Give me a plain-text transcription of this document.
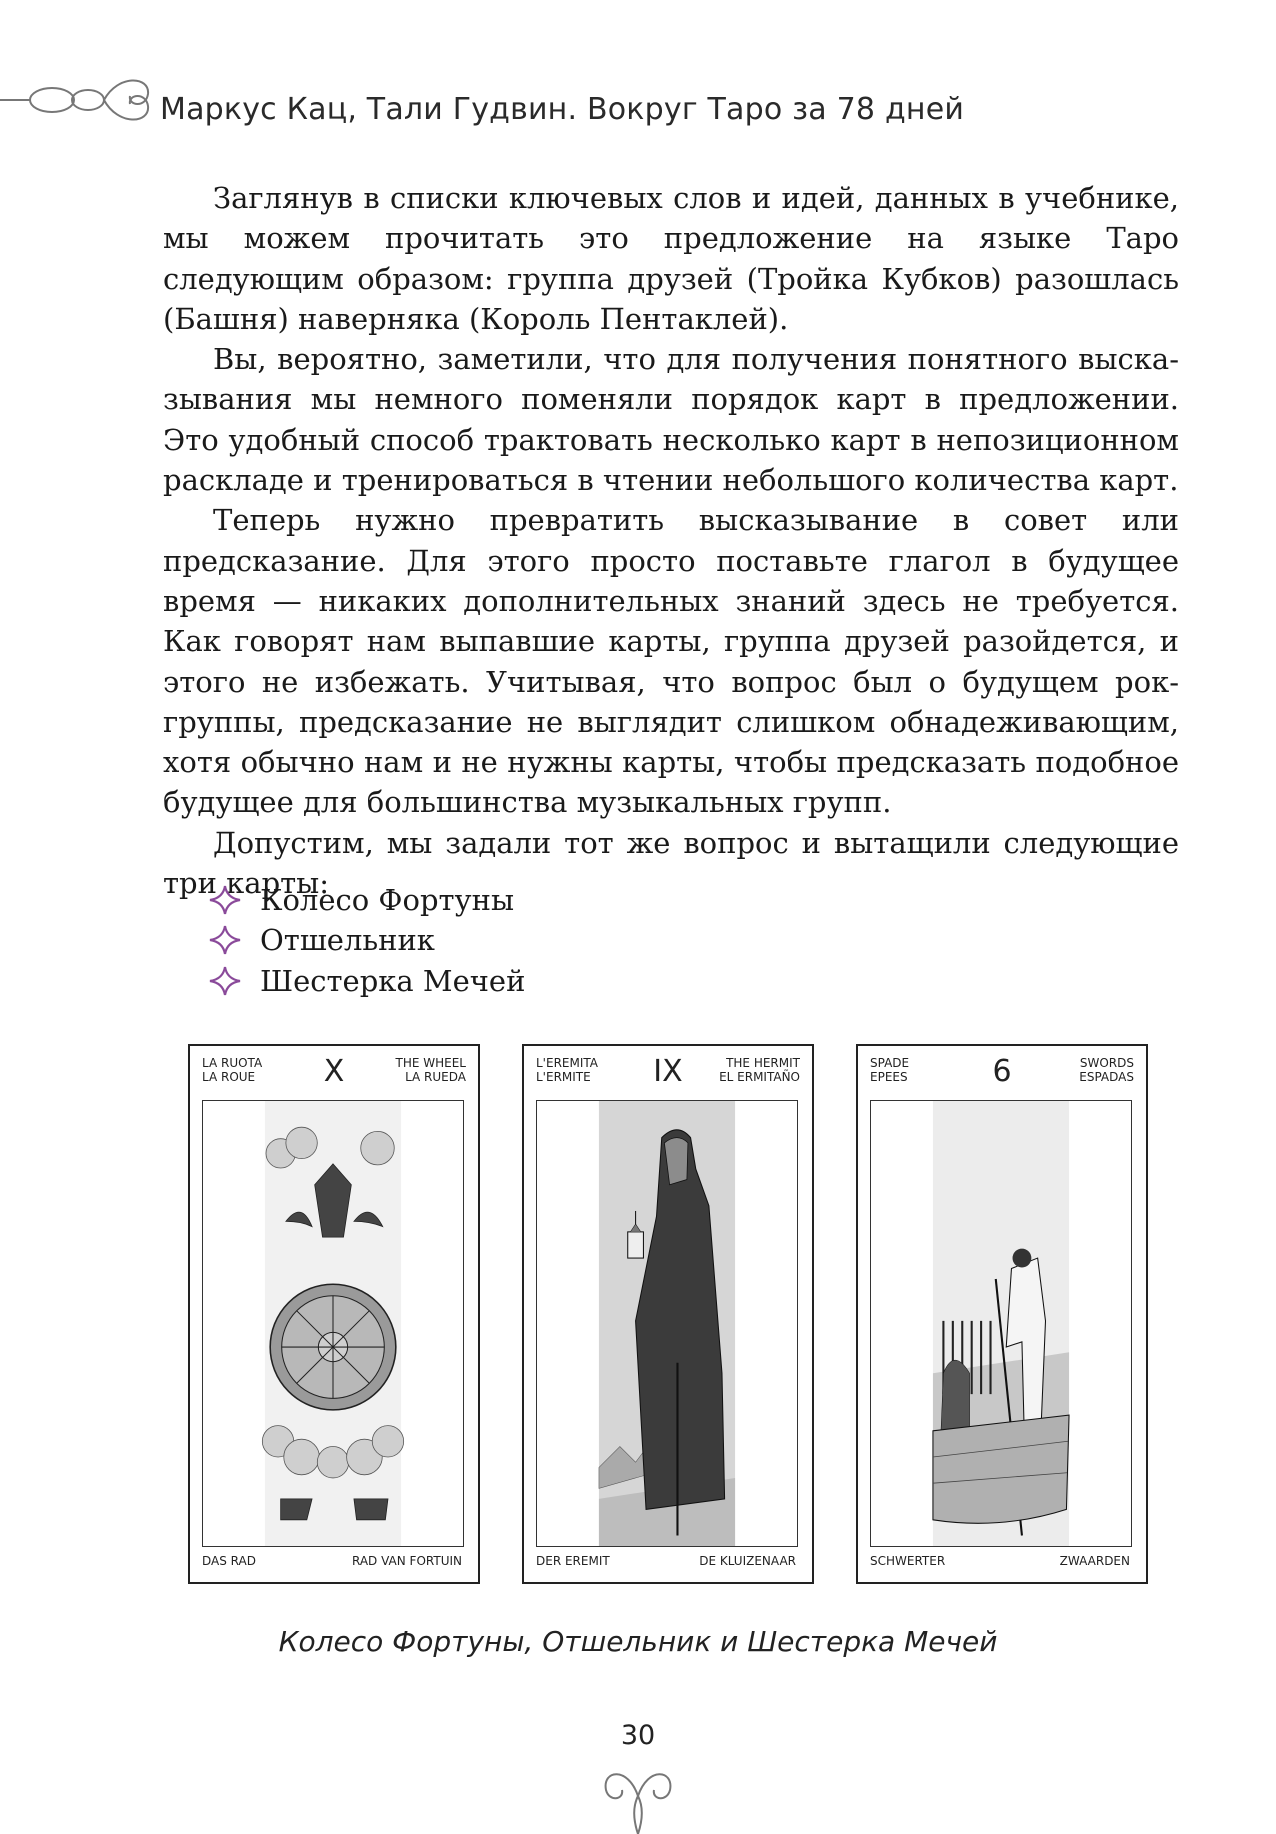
Маркус Кац, Тали Гудвин. Вокруг Таро за 78 дней

Заглянув в списки ключевых слов и идей, данных в учебнике, мы можем прочитать это предложение на языке Таро следующим образом: группа друзей (Тройка Кубков) разошлась (Башня) наверняка (Король Пентаклей).

Вы, вероятно, заметили, что для получения понятного высказывания мы немного поменяли порядок карт в предложении. Это удобный способ трактовать несколько карт в непозиционном раскладе и тренироваться в чтении небольшого количества карт.

Теперь нужно превратить высказывание в совет или предсказание. Для этого просто поставьте глагол в будущее время — никаких дополнительных знаний здесь не требуется. Как говорят нам выпавшие карты, группа друзей разойдется, и этого не избежать. Учитывая, что вопрос был о будущем рок-группы, предсказание не выглядит слишком обнадеживающим, хотя обычно нам и не нужны карты, чтобы предсказать подобное будущее для большинства музыкальных групп.

Допустим, мы задали тот же вопрос и вытащили следующие три карты:

Колесо Фортуны
Отшельник
Шестерка Мечей
LA RUOTA
LA ROUE	X	THE WHEEL
LA RUEDA
DAS RAD	RAD VAN FORTUIN
L'EREMITA
L'ERMITE	IX	THE HERMIT
EL ERMITAÑO
DER EREMIT	DE KLUIZENAAR
SPADE
EPEES	6	SWORDS
ESPADAS
SCHWERTER	ZWAARDEN
Колесо Фортуны, Отшельник и Шестерка Мечей
30
